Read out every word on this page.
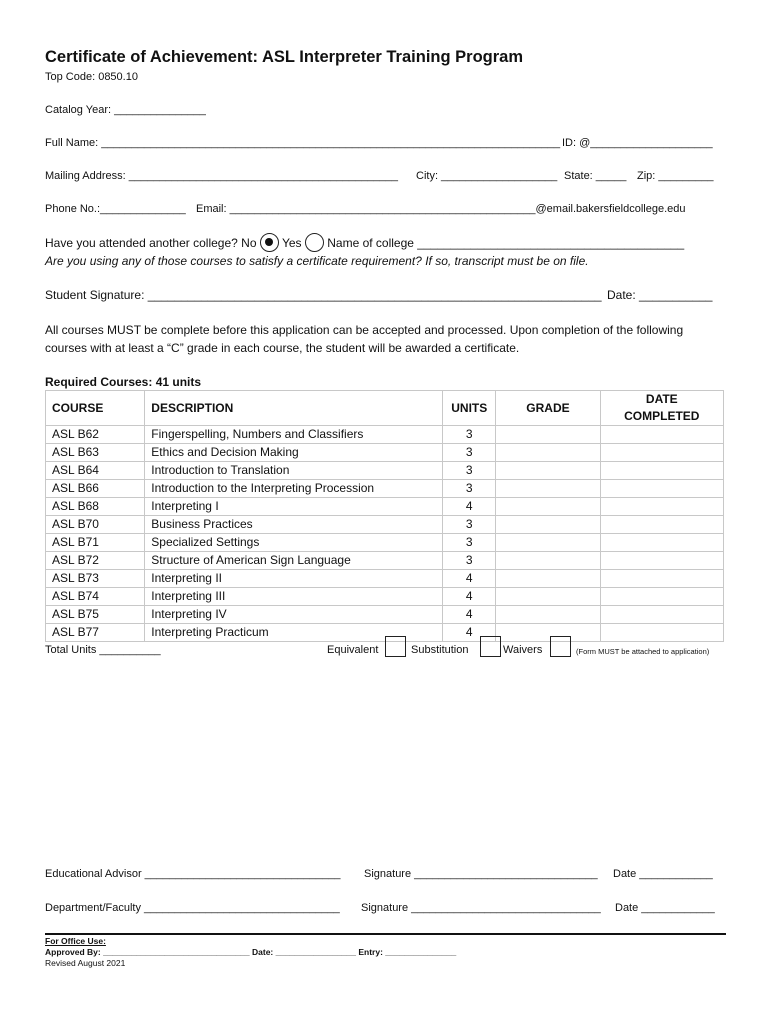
Certificate of Achievement: ASL Interpreter Training Program
Top Code: 0850.10
Catalog Year: _______________
Full Name: ___________________________________________________________________________ ID: @____________________
Mailing Address: ____________________________________________ City: ___________________ State: _____ Zip: _________
Phone No.:______________ Email: __________________________________________________@email.bakersfieldcollege.edu
Have you attended another college? No Yes Name of college ________________________________________
Are you using any of those courses to satisfy a certificate requirement? If so, transcript must be on file.
Student Signature: ____________________________________________________________________ Date: ___________
All courses MUST be complete before this application can be accepted and processed. Upon completion of the following
courses with at least a “C” grade in each course, the student will be awarded a certificate.
Required Courses: 41 units
COURSE	DESCRIPTION	UNITS	GRADE	DATE COMPLETED
ASL B62	Fingerspelling, Numbers and Classifiers	3		
ASL B63	Ethics and Decision Making	3		
ASL B64	Introduction to Translation	3		
ASL B66	Introduction to the Interpreting Procession	3		
ASL B68	Interpreting I	4		
ASL B70	Business Practices	3		
ASL B71	Specialized Settings	3		
ASL B72	Structure of American Sign Language	3		
ASL B73	Interpreting II	4		
ASL B74	Interpreting III	4		
ASL B75	Interpreting IV	4		
ASL B77	Interpreting Practicum	4		
Total Units __________	Equivalent	Substitution	Waivers	(Form MUST be attached to application)
Educational Advisor ________________________________ Signature ______________________________ Date ____________
Department/Faculty ________________________________ Signature _______________________________ Date ____________
For Office Use:
Approved By: _______________________________ Date: _________________ Entry: _______________
Revised August 2021
